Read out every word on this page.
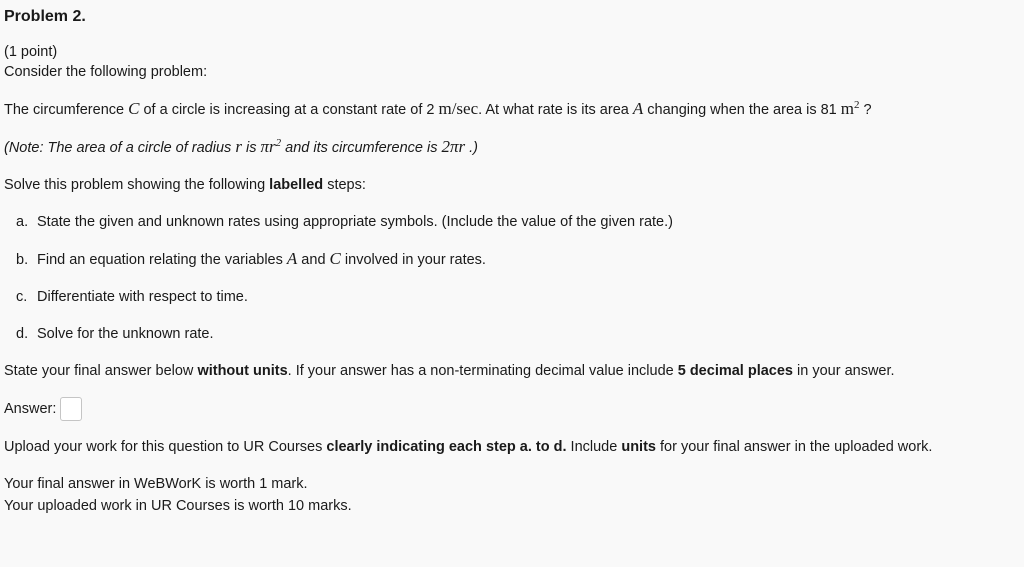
Problem 2.

(1 point)

Consider the following problem:

The circumference C of a circle is increasing at a constant rate of 2 m/sec. At what rate is its area A changing when the area is 81 $m^2$ ?

(Note: The area of a circle of radius r is $\pi r^2$ and its circumference is 2πr .)

Solve this problem showing the following labelled steps:

a. State the given and unknown rates using appropriate symbols. (Include the value of the given rate.)
b. Find an equation relating the variables A and C involved in your rates.
c. Differentiate with respect to time.
d. Solve for the unknown rate.

State your final answer below without units. If your answer has a non-terminating decimal value include 5 decimal places in your answer.

Answer:

Upload your work for this question to UR Courses clearly indicating each step a. to d. Include units for your final answer in the uploaded work.

Your final answer in WeBWorK is worth 1 mark.

Your uploaded work in UR Courses is worth 10 marks.
